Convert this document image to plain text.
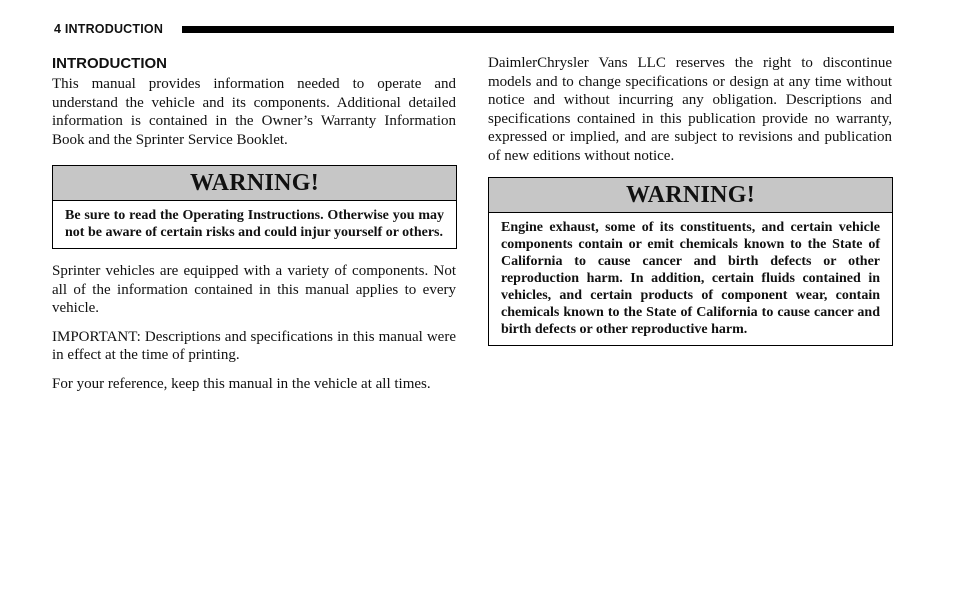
4 INTRODUCTION
INTRODUCTION

This manual provides information needed to operate and understand the vehicle and its components. Additional detailed information is contained in the Owner’s Warranty Information Book and the Sprinter Service Booklet.

WARNING!
Be sure to read the Operating Instructions. Otherwise you may not be aware of certain risks and could injur yourself or others.

Sprinter vehicles are equipped with a variety of components. Not all of the information contained in this manual applies to every vehicle.

IMPORTANT: Descriptions and specifications in this manual were in effect at the time of printing.

For your reference, keep this manual in the vehicle at all times.

DaimlerChrysler Vans LLC reserves the right to discontinue models and to change specifications or design at any time without notice and without incurring any obligation. Descriptions and specifications contained in this publication provide no warranty, expressed or implied, and are subject to revisions and publication of new editions without notice.

WARNING!
Engine exhaust, some of its constituents, and certain vehicle components contain or emit chemicals known to the State of California to cause cancer and birth defects or other reproduction harm. In addition, certain fluids contained in vehicles, and certain products of component wear, contain chemicals known to the State of California to cause cancer and birth defects or other reproductive harm.
